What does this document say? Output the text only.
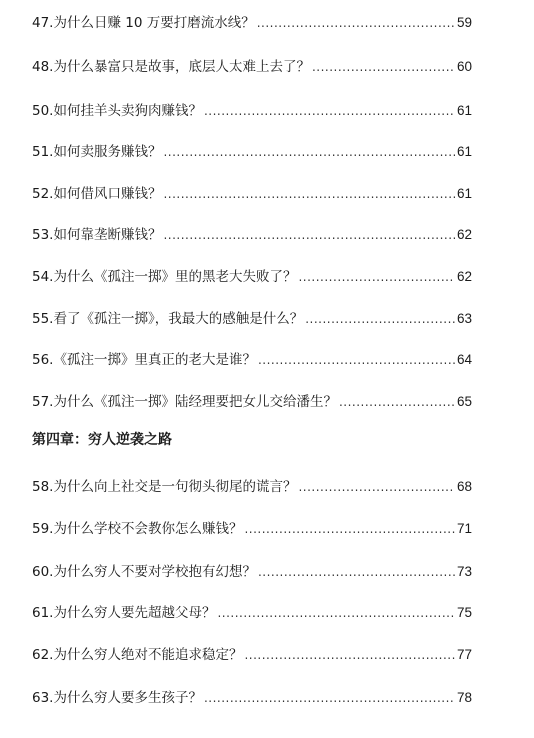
47.为什么日赚 10 万要打磨流水线？ .....	59
48.为什么暴富只是故事，底层人太难上去了？ .....	60
50.如何挂羊头卖狗肉赚钱？ .....	61
51.如何卖服务赚钱？ .....	61
52.如何借风口赚钱？ .....	61
53.如何靠垄断赚钱？ .....	62
54.为什么《孤注一掷》里的黑老大失败了？ .....	62
55.看了《孤注一掷》，我最大的感触是什么？ .....	63
56.《孤注一掷》里真正的老大是谁？ .....	64
57.为什么《孤注一掷》陆经理要把女儿交给潘生？ .....	65
第四章：穷人逆袭之路
58.为什么向上社交是一句彻头彻尾的谎言？ .....	68
59.为什么学校不会教你怎么赚钱？ .....	71
60.为什么穷人不要对学校抱有幻想？ .....	73
61.为什么穷人要先超越父母？ .....	75
62.为什么穷人绝对不能追求稳定？ .....	77
63.为什么穷人要多生孩子？ .....	78
